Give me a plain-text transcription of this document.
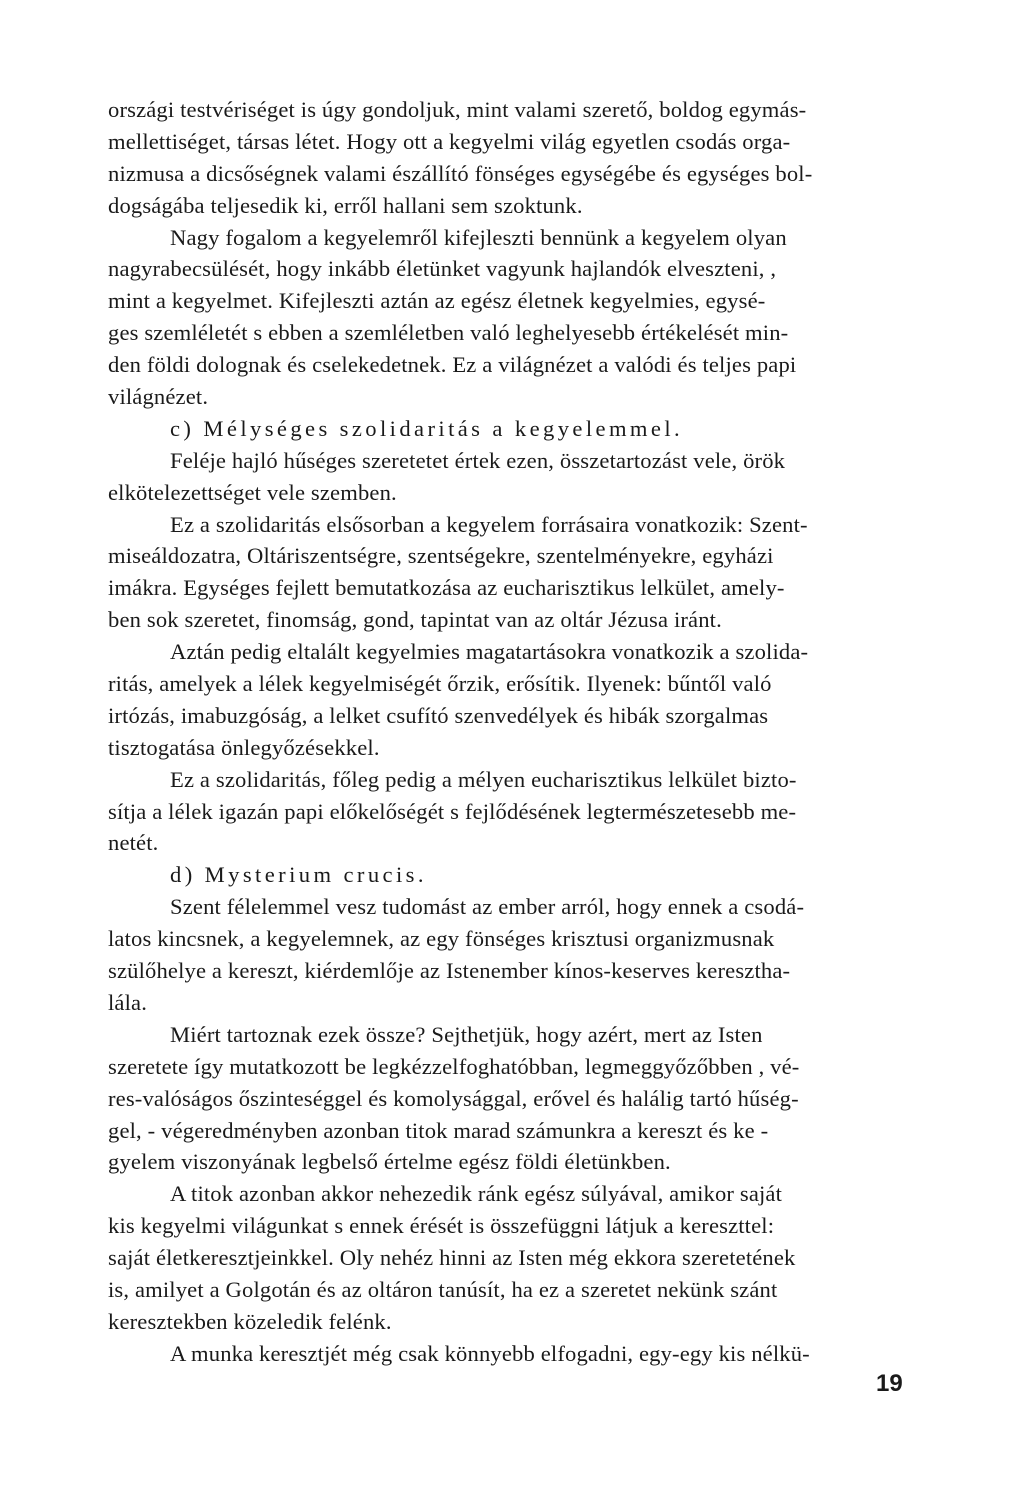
országi testvériséget is úgy gondoljuk, mint valami szerető, boldog egymás-
mellettiséget, társas létet. Hogy ott a kegyelmi világ egyetlen csodás orga-
nizmusa a dicsőségnek valami észállító fönséges egységébe és egységes bol-
dogságába teljesedik ki, erről hallani sem szoktunk.
Nagy fogalom a kegyelemről kifejleszti bennünk a kegyelem olyan
nagyrabecsülését, hogy inkább életünket vagyunk hajlandók elveszteni, ,
mint a kegyelmet. Kifejleszti aztán az egész életnek kegyelmies, egysé-
ges szemléletét s ebben a szemléletben való leghelyesebb értékelését min-
den földi dolognak és cselekedetnek. Ez a világnézet a valódi és teljes papi
világnézet.
c) Mélységes szolidaritás a kegyelemmel.
Feléje hajló hűséges szeretetet értek ezen, összetartozást vele, örök
elkötelezettséget vele szemben.
Ez a szolidaritás elsősorban a kegyelem forrásaira vonatkozik: Szent-
miseáldozatra, Oltáriszentségre, szentségekre, szentelményekre, egyházi
imákra. Egységes fejlett bemutatkozása az eucharisztikus lelkület, amely-
ben sok szeretet, finomság, gond, tapintat van az oltár Jézusa iránt.
Aztán pedig eltalált kegyelmies magatartásokra vonatkozik a szolida-
ritás, amelyek a lélek kegyelmiségét őrzik, erősítik. Ilyenek: bűntől való
irtózás, imabuzgóság, a lelket csufító szenvedélyek és hibák szorgalmas
tisztogatása önlegyőzésekkel.
Ez a szolidaritás, főleg pedig a mélyen eucharisztikus lelkület bizto-
sítja a lélek igazán papi előkelőségét s fejlődésének legtermészetesebb me-
netét.
d) Mysterium crucis.
Szent félelemmel vesz tudomást az ember arról, hogy ennek a csodá-
latos kincsnek, a kegyelemnek, az egy fönséges krisztusi organizmusnak
szülőhelye a kereszt, kiérdemlője az Istenember kínos-keserves kereszthа-
lála.
Miért tartoznak ezek össze? Sejthetjük, hogy azért, mert az Isten
szeretete így mutatkozott be legkézzelfoghatóbban, legmeggyőzőbben , vé-
res-valóságos őszinteséggel és komolysággal, erővel és halálig tartó hűség-
gel, - végeredményben azonban titok marad számunkra a kereszt és ke -
gyelem viszonyának legbelső értelme egész földi életünkben.
A titok azonban akkor nehezedik ránk egész súlyával, amikor saját
kis kegyelmi világunkat s ennek érését is összefüggni látjuk a kereszttel:
saját életkeresztjeinkkel. Oly nehéz hinni az Isten még ekkora szeretetének
is, amilyet a Golgotán és az oltáron tanúsít, ha ez a szeretet nekünk szánt
keresztekben közeledik felénk.
A munka keresztjét még csak könnyebb elfogadni, egy-egy kis nélkü-
19
